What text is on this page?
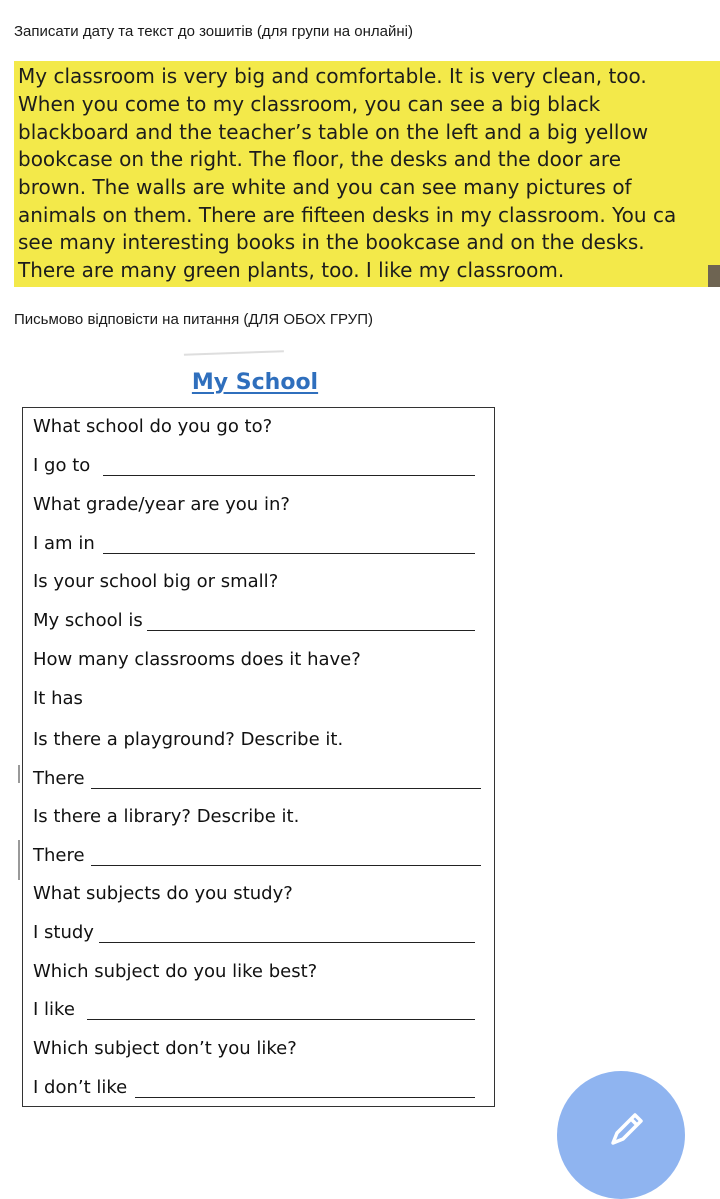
Записати дату та текст до зошитів (для групи на онлайні)
My classroom is very big and comfortable. It is very clean, too.
When you come to my classroom, you can see a big black
blackboard and the teacher’s table on the left and a big yellow
bookcase on the right. The floor, the desks and the door are
brown. The walls are white and you can see many pictures of
animals on them. There are fifteen desks in my classroom. You ca
see many interesting books in the bookcase and on the desks.
There are many green plants, too. I like my classroom.
Письмово відповісти на питання (ДЛЯ ОБОХ ГРУП)
My School
What school do you go to?
I go to
What grade/year are you in?
I am in
Is your school big or small?
My school is
How many classrooms does it have?
It has
Is there a playground? Describe it.
There
Is there a library? Describe it.
There
What subjects do you study?
I study
Which subject do you like best?
I like
Which subject don’t you like?
I don’t like
